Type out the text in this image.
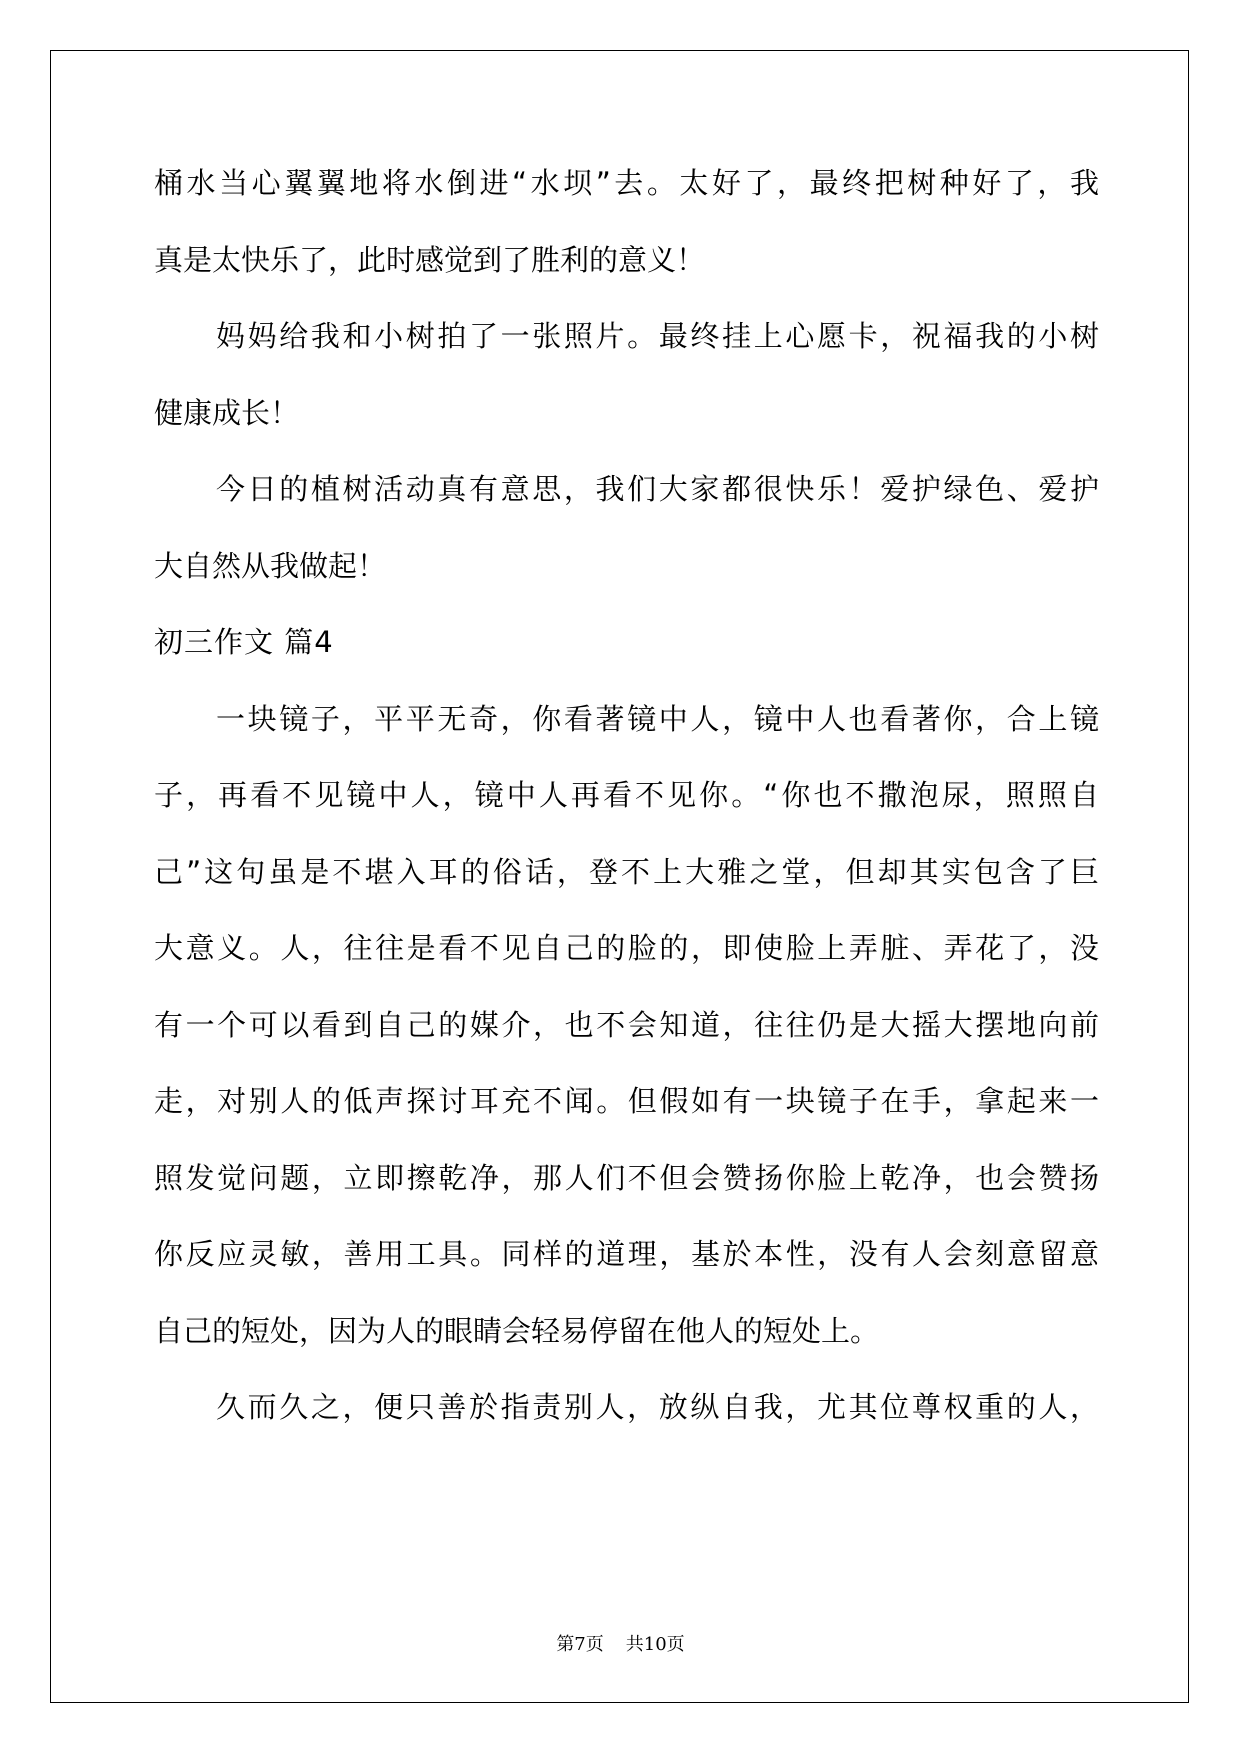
桶水当心翼翼地将水倒进“水坝”去。太好了，最终把树种好了，我
真是太快乐了，此时感觉到了胜利的意义！
妈妈给我和小树拍了一张照片。最终挂上心愿卡，祝福我的小树
健康成长！
今日的植树活动真有意思，我们大家都很快乐！爱护绿色、爱护
大自然从我做起！
初三作文 篇4
一块镜子，平平无奇，你看著镜中人，镜中人也看著你，合上镜
子，再看不见镜中人，镜中人再看不见你。“你也不撒泡尿，照照自
己”这句虽是不堪入耳的俗话，登不上大雅之堂，但却其实包含了巨
大意义。人，往往是看不见自己的脸的，即使脸上弄脏、弄花了，没
有一个可以看到自己的媒介，也不会知道，往往仍是大摇大摆地向前
走，对别人的低声探讨耳充不闻。但假如有一块镜子在手，拿起来一
照发觉问题，立即擦乾净，那人们不但会赞扬你脸上乾净，也会赞扬
你反应灵敏，善用工具。同样的道理，基於本性，没有人会刻意留意
自己的短处，因为人的眼睛会轻易停留在他人的短处上。
久而久之，便只善於指责别人，放纵自我，尤其位尊权重的人，
第7页 共10页
